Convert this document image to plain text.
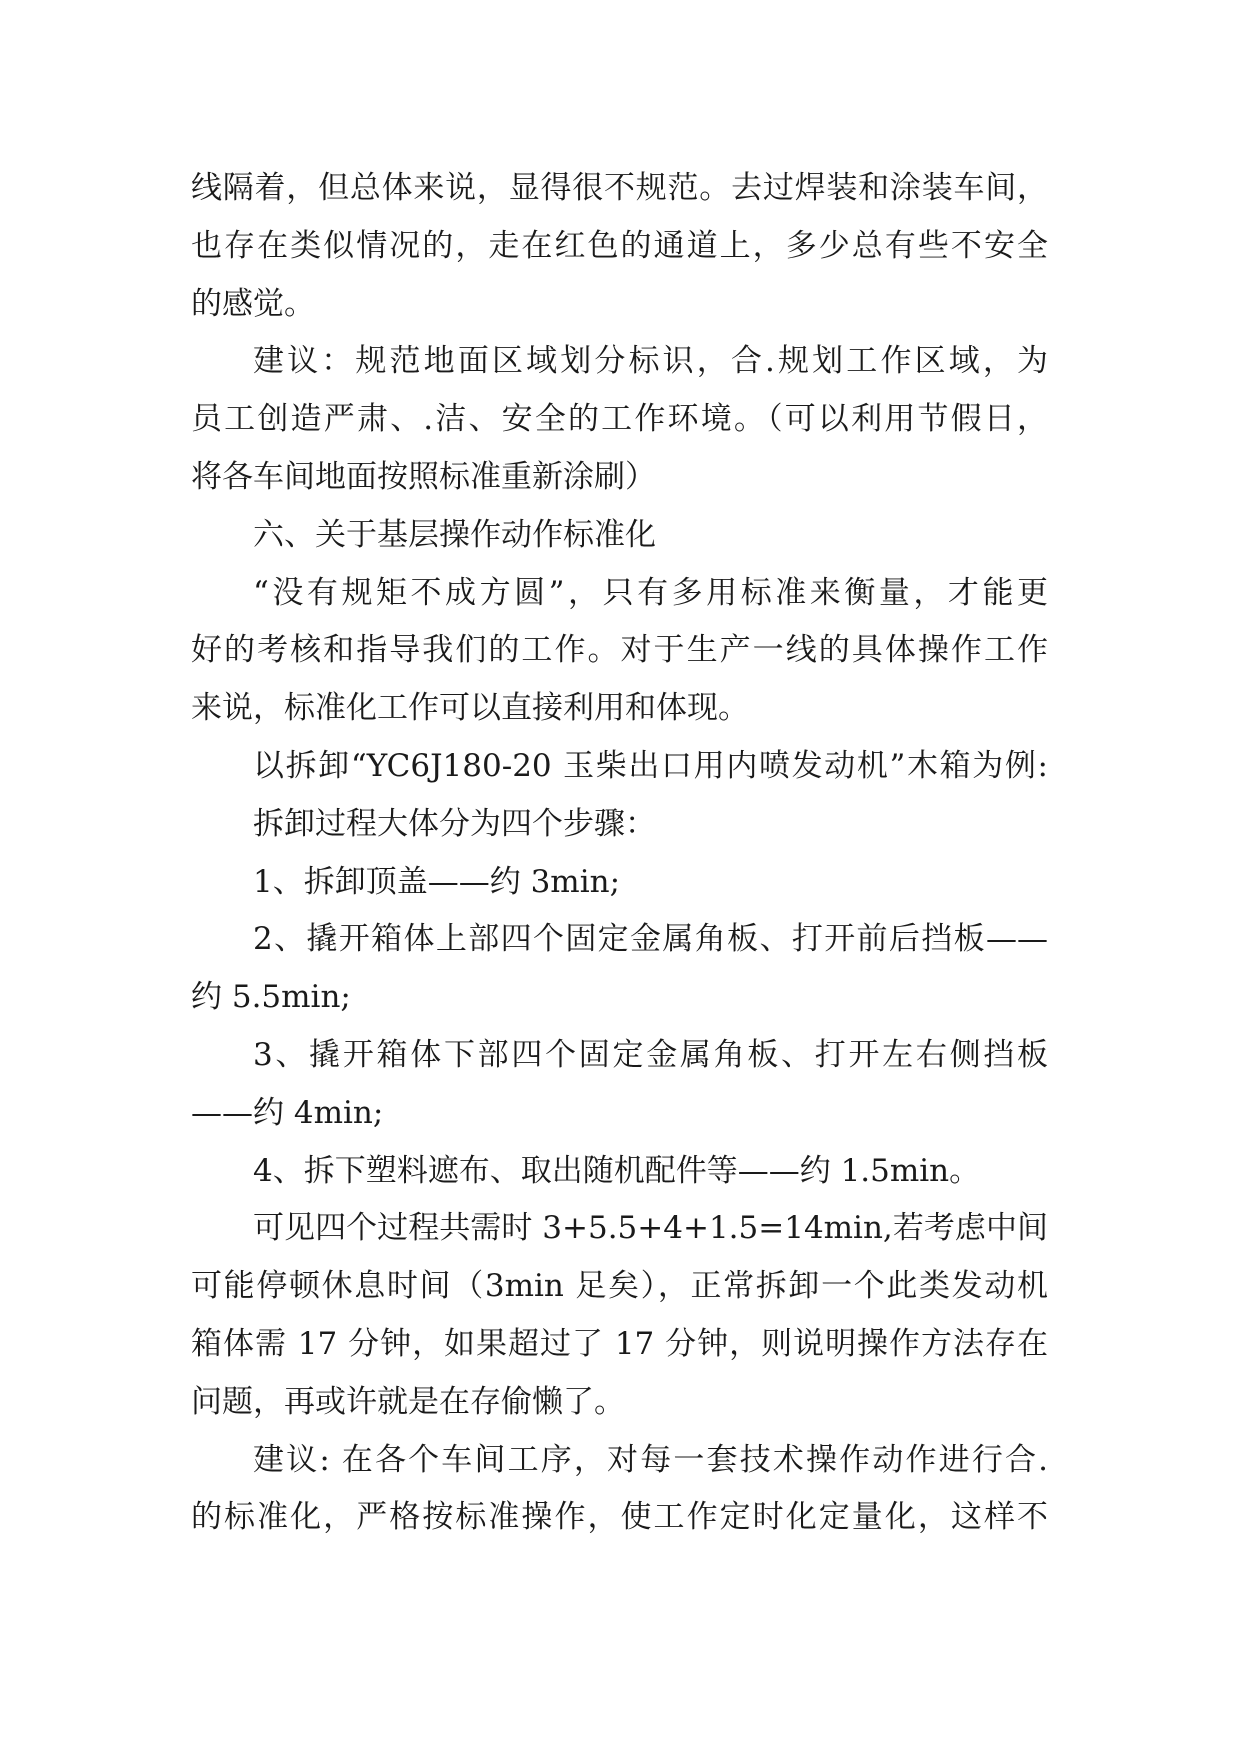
线隔着，但总体来说，显得很不规范。去过焊装和涂装车间，
也存在类似情况的，走在红色的通道上，多少总有些不安全
的感觉。
建议：规范地面区域划分标识，合.规划工作区域，为
员工创造严肃、.洁、安全的工作环境。（可以利用节假日，
将各车间地面按照标准重新涂刷）
六、关于基层操作动作标准化
“没有规矩不成方圆”，只有多用标准来衡量，才能更
好的考核和指导我们的工作。对于生产一线的具体操作工作
来说，标准化工作可以直接利用和体现。
以拆卸“YC6J180-20 玉柴出口用内喷发动机”木箱为例:
拆卸过程大体分为四个步骤：
1、拆卸顶盖——约 3min;
2、撬开箱体上部四个固定金属角板、打开前后挡板——
约 5.5min;
3、撬开箱体下部四个固定金属角板、打开左右侧挡板
——约 4min;
4、拆下塑料遮布、取出随机配件等——约 1.5min。
可见四个过程共需时 3+5.5+4+1.5=14min,若考虑中间
可能停顿休息时间（3min 足矣），正常拆卸一个此类发动机
箱体需 17 分钟，如果超过了 17 分钟，则说明操作方法存在
问题，再或许就是在存偷懒了。
建议: 在各个车间工序，对每一套技术操作动作进行合.
的标准化，严格按标准操作，使工作定时化定量化，这样不
